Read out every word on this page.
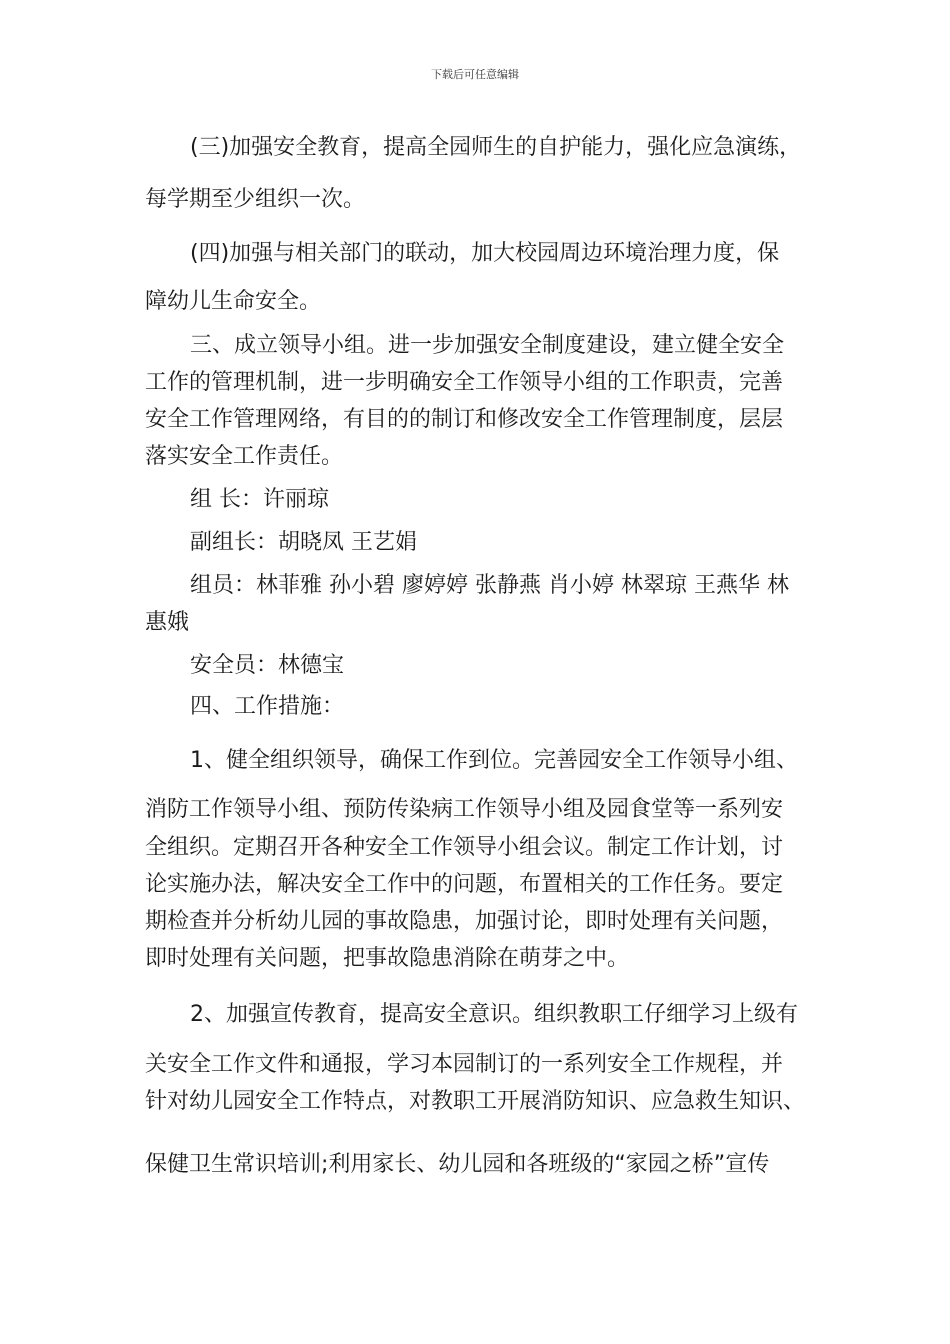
下载后可任意编辑
(三)加强安全教育，提高全园师生的自护能力，强化应急演练，
每学期至少组织一次。
(四)加强与相关部门的联动，加大校园周边环境治理力度，保
障幼儿生命安全。
三、成立领导小组。进一步加强安全制度建设，建立健全安全
工作的管理机制，进一步明确安全工作领导小组的工作职责，完善
安全工作管理网络，有目的的制订和修改安全工作管理制度，层层
落实安全工作责任。
组 长：许丽琼
副组长：胡晓凤 王艺娟
组员：林菲雅 孙小碧 廖婷婷 张静燕 肖小婷 林翠琼 王燕华 林
惠娥
安全员：林德宝
四、工作措施：
1、健全组织领导，确保工作到位。完善园安全工作领导小组、
消防工作领导小组、预防传染病工作领导小组及园食堂等一系列安
全组织。定期召开各种安全工作领导小组会议。制定工作计划，讨
论实施办法，解决安全工作中的问题，布置相关的工作任务。要定
期检查并分析幼儿园的事故隐患，加强讨论，即时处理有关问题，
即时处理有关问题，把事故隐患消除在萌芽之中。
2、加强宣传教育，提高安全意识。组织教职工仔细学习上级有
关安全工作文件和通报，学习本园制订的一系列安全工作规程，并
针对幼儿园安全工作特点，对教职工开展消防知识、应急救生知识、
保健卫生常识培训;利用家长、幼儿园和各班级的“家园之桥”宣传
